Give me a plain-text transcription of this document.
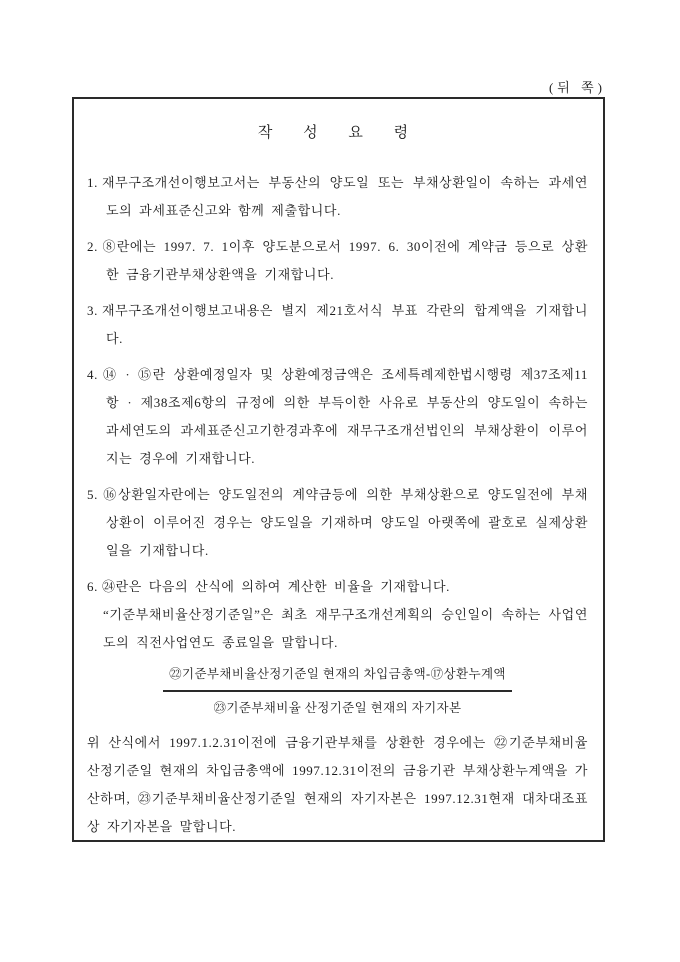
(뒤 쪽)
작 성 요 령

1. 재무구조개선이행보고서는 부동산의 양도일 또는 부채상환일이 속하는 과세연도의 과세표준신고와 함께 제출합니다.

2. ⑧란에는 1997. 7. 1이후 양도분으로서 1997. 6. 30이전에 계약금 등으로 상환한 금융기관부채상환액을 기재합니다.

3. 재무구조개선이행보고내용은 별지 제21호서식 부표 각란의 합계액을 기재합니다.

4. ⑭ · ⑮란 상환예정일자 및 상환예정금액은 조세특례제한법시행령 제37조제11항 · 제38조제6항의 규정에 의한 부득이한 사유로 부동산의 양도일이 속하는 과세연도의 과세표준신고기한경과후에 재무구조개선법인의 부채상환이 이루어지는 경우에 기재합니다.

5. ⑯상환일자란에는 양도일전의 계약금등에 의한 부채상환으로 양도일전에 부채상환이 이루어진 경우는 양도일을 기재하며 양도일 아랫쪽에 괄호로 실제상환일을 기재합니다.

6. ㉔란은 다음의 산식에 의하여 계산한 비율을 기재합니다.

“기준부채비율산정기준일”은 최초 재무구조개선계획의 승인일이 속하는 사업연도의 직전사업연도 종료일을 말합니다.

㉒기준부채비율산정기준일 현재의 차입금총액-⑰상환누계액
㉓기준부채비율 산정기준일 현재의 자기자본

위 산식에서 1997.1.2.31이전에 금융기관부채를 상환한 경우에는 ㉒기준부채비율산정기준일 현재의 차입금총액에 1997.12.31이전의 금융기관 부채상환누계액을 가산하며, ㉓기준부채비율산정기준일 현재의 자기자본은 1997.12.31현재 대차대조표상 자기자본을 말합니다.
